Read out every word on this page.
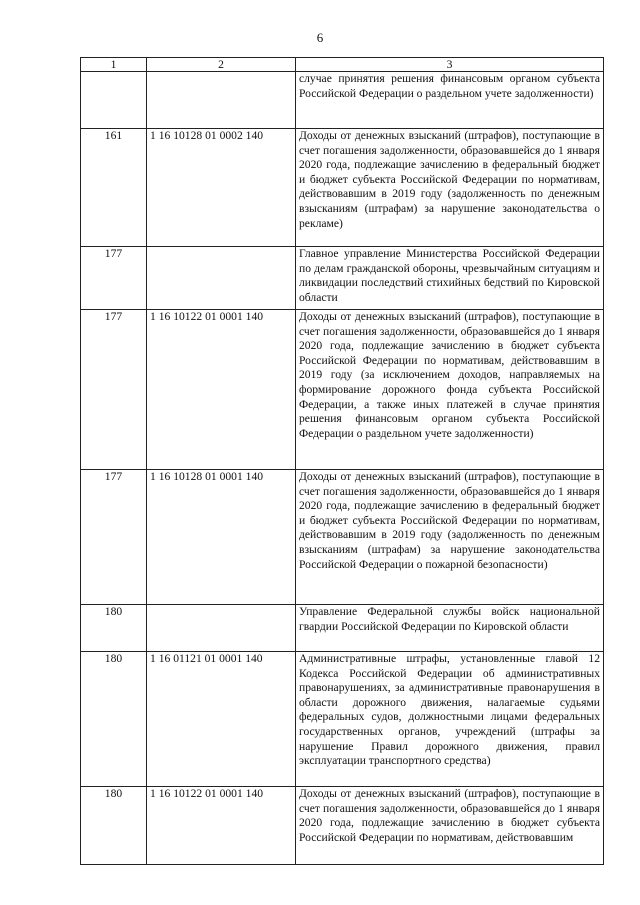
6
1	2	3
		случае принятия решения финансовым органом субъекта Российской Федерации о раздельном учете задолженности)
161	1 16 10128 01 0002 140	Доходы от денежных взысканий (штрафов), поступающие в счет погашения задолженности, образовавшейся до 1 января 2020 года, подлежащие зачислению в федеральный бюджет и бюджет субъекта Российской Федерации по нормативам, действовавшим в 2019 году (задолженность по денежным взысканиям (штрафам) за нарушение законодательства о рекламе)
177		Главное управление Министерства Российской Федерации по делам гражданской обороны, чрезвычайным ситуациям и ликвидации последствий стихийных бедствий по Кировской области
177	1 16 10122 01 0001 140	Доходы от денежных взысканий (штрафов), поступающие в счет погашения задолженности, образовавшейся до 1 января 2020 года, подлежащие зачислению в бюджет субъекта Российской Федерации по нормативам, действовавшим в 2019 году (за исключением доходов, направляемых на формирование дорожного фонда субъекта Российской Федерации, а также иных платежей в случае принятия решения финансовым органом субъекта Российской Федерации о раздельном учете задолженности)
177	1 16 10128 01 0001 140	Доходы от денежных взысканий (штрафов), поступающие в счет погашения задолженности, образовавшейся до 1 января 2020 года, подлежащие зачислению в федеральный бюджет и бюджет субъекта Российской Федерации по нормативам, действовавшим в 2019 году (задолженность по денежным взысканиям (штрафам) за нарушение законодательства Российской Федерации о пожарной безопасности)
180		Управление Федеральной службы войск национальной гвардии Российской Федерации по Кировской области
180	1 16 01121 01 0001 140	Административные штрафы, установленные главой 12 Кодекса Российской Федерации об административных правонарушениях, за административные правонарушения в области дорожного движения, налагаемые судьями федеральных судов, должностными лицами федеральных государственных органов, учреждений (штрафы за нарушение Правил дорожного движения, правил эксплуатации транспортного средства)
180	1 16 10122 01 0001 140	Доходы от денежных взысканий (штрафов), поступающие в счет погашения задолженности, образовавшейся до 1 января 2020 года, подлежащие зачислению в бюджет субъекта Российской Федерации по нормативам, действовавшим
